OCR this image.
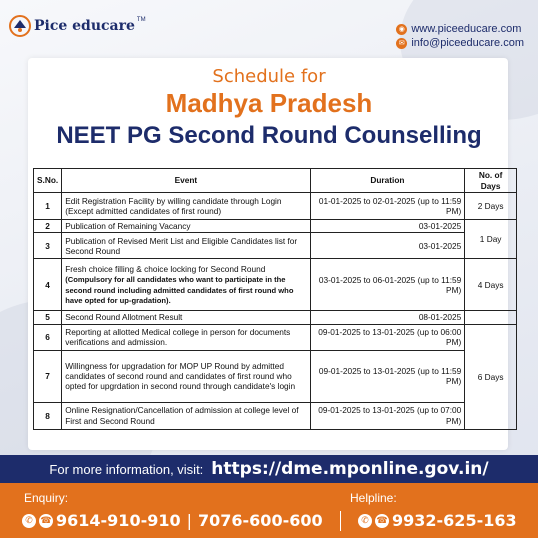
Pice educare TM
◉ www.piceeducare.com
✉ info@piceeducare.com
Schedule for
Madhya Pradesh
NEET PG Second Round Counselling
S.No.	Event	Duration	No. of Days
1	Edit Registration Facility by willing candidate through Login (Except admitted candidates of first round)	01-01-2025 to 02-01-2025 (up to 11:59 PM)	2 Days
2	Publication of Remaining Vacancy	03-01-2025	1 Day
3	Publication of Revised Merit List and Eligible Candidates list for Second Round	03-01-2025	
4	Fresh choice filling & choice locking for Second Round
(Compulsory for all candidates who want to participate in the second round including admitted candidates of first round who have opted for up-gradation).	03-01-2025 to 06-01-2025 (up to 11:59 PM)	4 Days
5	Second Round Allotment Result	08-01-2025	
6	Reporting at allotted Medical college in person for documents verifications and admission.	09-01-2025 to 13-01-2025 (up to 06:00 PM)	6 Days
7	Willingness for upgradation for MOP UP Round by admitted candidates of second round and candidates of first round who opted for upgrdation in second round through candidate's login	09-01-2025 to 13-01-2025 (up to 11:59 PM)	
8	Online Resignation/Cancellation of admission at college level of First and Second Round	09-01-2025 to 13-01-2025 (up to 07:00 PM)	
For more information, visit: https://dme.mponline.gov.in/
Enquiry:	Helpline:
✆ ☎ 9614-910-910 | 7076-600-600	✆ ☎ 9932-625-163
